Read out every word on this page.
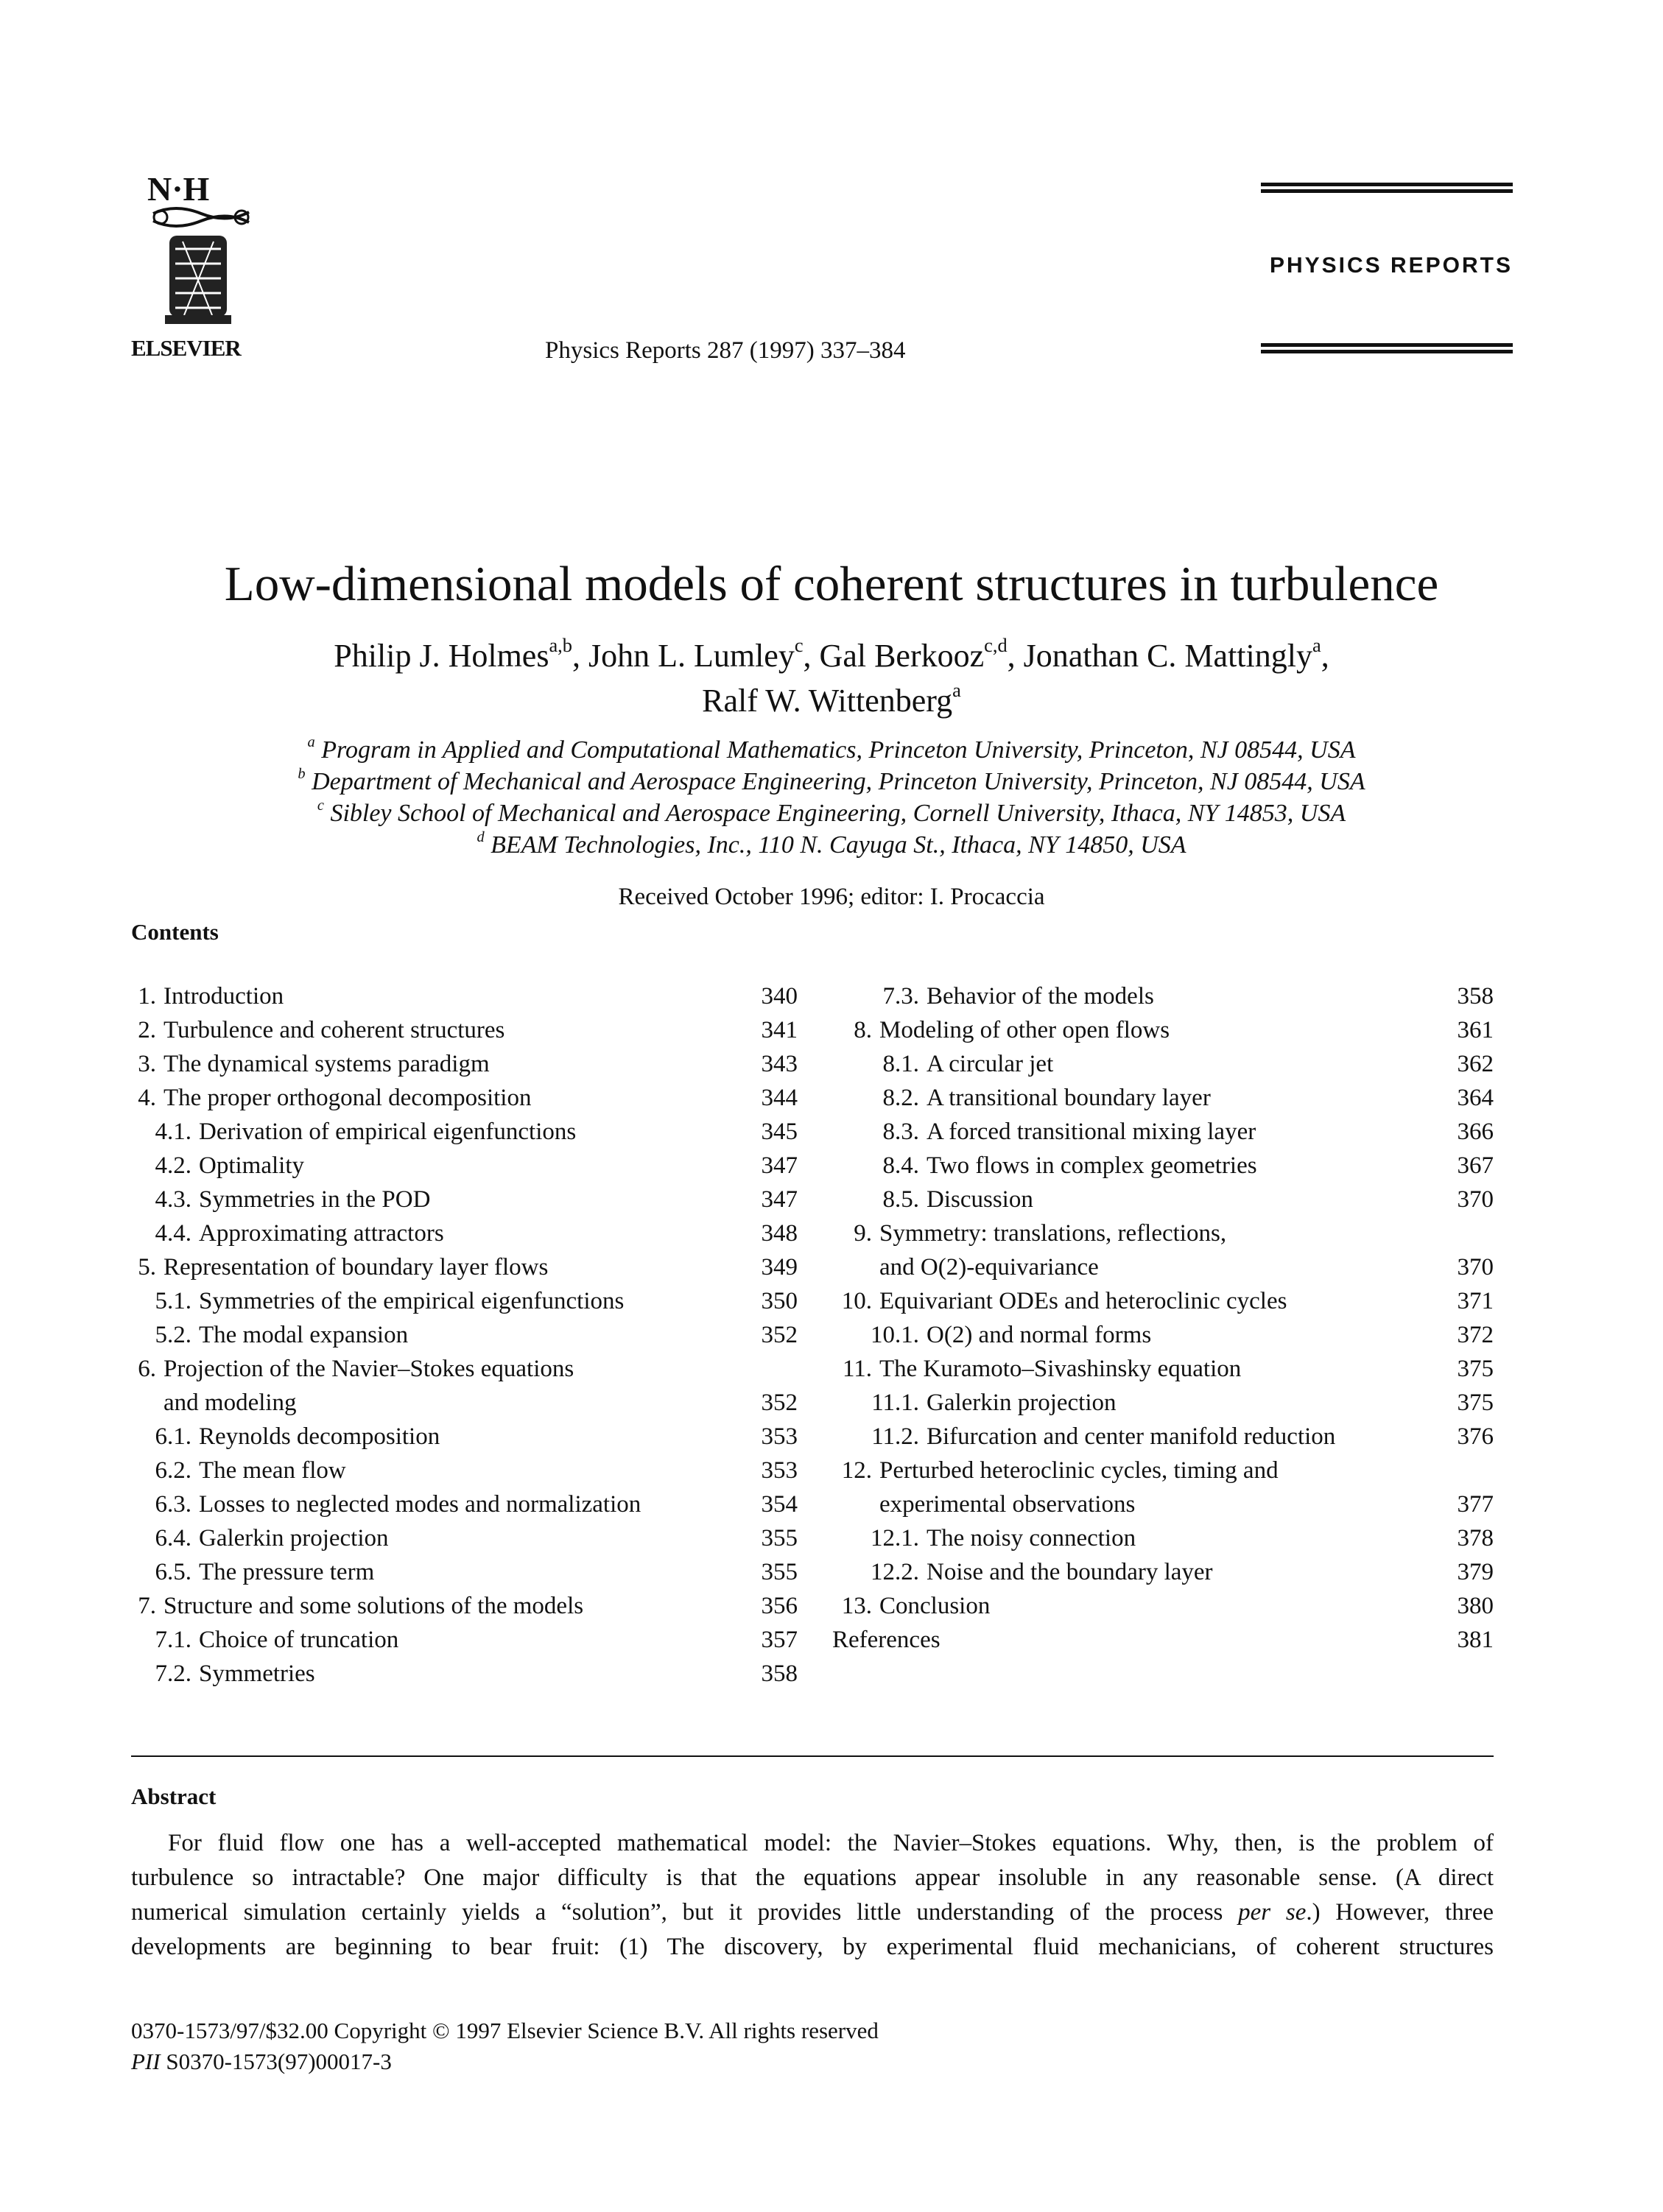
N·H
ELSEVIER	Physics Reports 287 (1997) 337–384
PHYSICS REPORTS
Low-dimensional models of coherent structures in turbulence
Philip J. Holmes$^{a,b}$, John L. Lumley$^c$, Gal Berkooz$^{c,d}$, Jonathan C. Mattingly$^a$,
Ralf W. Wittenberg$^a$
$^a$ Program in Applied and Computational Mathematics, Princeton University, Princeton, NJ 08544, USA
$^b$ Department of Mechanical and Aerospace Engineering, Princeton University, Princeton, NJ 08544, USA
$^c$ Sibley School of Mechanical and Aerospace Engineering, Cornell University, Ithaca, NY 14853, USA
$^d$ BEAM Technologies, Inc., 110 N. Cayuga St., Ithaca, NY 14850, USA
Received October 1996; editor: I. Procaccia
Contents
1. Introduction	340
2. Turbulence and coherent structures	341
3. The dynamical systems paradigm	343
4. The proper orthogonal decomposition	344
4.1. Derivation of empirical eigenfunctions	345
4.2. Optimality	347
4.3. Symmetries in the POD	347
4.4. Approximating attractors	348
5. Representation of boundary layer flows	349
5.1. Symmetries of the empirical eigenfunctions	350
5.2. The modal expansion	352
6. Projection of the Navier–Stokes equations
and modeling	352
6.1. Reynolds decomposition	353
6.2. The mean flow	353
6.3. Losses to neglected modes and normalization	354
6.4. Galerkin projection	355
6.5. The pressure term	355
7. Structure and some solutions of the models	356
7.1. Choice of truncation	357
7.2. Symmetries	358
7.3. Behavior of the models	358
8. Modeling of other open flows	361
8.1. A circular jet	362
8.2. A transitional boundary layer	364
8.3. A forced transitional mixing layer	366
8.4. Two flows in complex geometries	367
8.5. Discussion	370
9. Symmetry: translations, reflections,
and O(2)-equivariance	370
10. Equivariant ODEs and heteroclinic cycles	371
10.1. O(2) and normal forms	372
11. The Kuramoto–Sivashinsky equation	375
11.1. Galerkin projection	375
11.2. Bifurcation and center manifold reduction	376
12. Perturbed heteroclinic cycles, timing and
experimental observations	377
12.1. The noisy connection	378
12.2. Noise and the boundary layer	379
13. Conclusion	380
References	381
Abstract
For fluid flow one has a well-accepted mathematical model: the Navier–Stokes equations. Why, then, is the problem of
turbulence so intractable? One major difficulty is that the equations appear insoluble in any reasonable sense. (A direct
numerical simulation certainly yields a “solution”, but it provides little understanding of the process per se.) However, three
developments are beginning to bear fruit: (1) The discovery, by experimental fluid mechanicians, of coherent structures
0370-1573/97/$32.00 Copyright © 1997 Elsevier Science B.V. All rights reserved
PII S0370-1573(97)00017-3
